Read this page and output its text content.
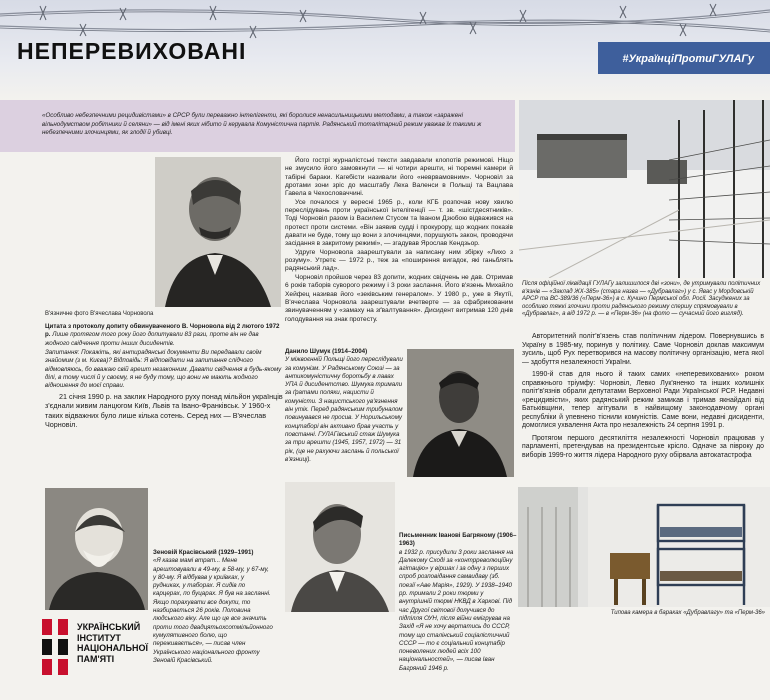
НЕПЕРЕВИХОВАНІ	#УкраїнціПротиГУЛАГу

«Особливо небезпечними рецидивістами» в СРСР були переважно інтелігенти, які боролися ненасильницькими методами, а також «заражені вільнодумством робітники й селяни» — від імені яких нібито й керувала Комуністична партія. Радянський тоталітарний режим уважав їх такими ж небезпечними злочинцями, як злодії й убивці.

В'язничне фото В'ячеслава Чорновола
Цитата з протоколу допиту обвинуваченого В. Чорновола від 2 лютого 1972 р. Лише протягом того року його допитували 83 рази, проте він не дав жодного свідчення проти інших дисидентів.
Запитання: Покажіть, які антирадянські документи Ви передавали своїм знайомим (з м. Києва)? Відповідь: Я відповідати на запитання слідчого відмовляюсь, бо вважаю свій арешт незаконним. Давати свідчення в будь-якому ділі, в тому числі й у своєму, я не буду тому, що вони не мають жодного відношення до моєї справи.
21 січня 1990 р. на заклик Народного руху понад мільйон українців з'єднали живим ланцюгом Київ, Львів та Івано-Франківськ. У 1960-х таких відважних було лише кілька сотень. Серед них — В'ячеслав Чорновіл.
Його гострі журналістські тексти завдавали клопотів режимові. Ніщо не змусило його замовкнути — ні чотири арешти, ні тюремні камери й табірні бараки. Кагебісти називали його «неврвамовним». Чорновіл за дротами зони зріс до масштабу Леха Валенси в Польщі та Вацлава Гавела в Чехословаччині.
Усе почалося у вересні 1965 р., коли КГБ розпочав нову хвилю переслідувань проти української інтелігенції — т. зв. «шістдесятників». Тоді Чорновіл разом із Василем Стусом та Іваном Дзюбою відважився на протест проти системи. «Він заявив судді і прокурору, що жодних показів давати не буде, тому що вони з злочинцями, порушують закон, проводячи засідання в закритому режимі», — згадував Ярослав Кендзьор.
Удруге Чорновола заарештували за написану ним збірку «Лихо з розуму». Утретє — 1972 р., теж за «поширення вигадок, які ганьблять радянський лад».
Чорновіл пройшов через 83 допити, жодних свідчень не дав. Отримав 6 років таборів суворого режиму і 3 роки заслання. Його в'язень Михайло Хейфец називав його «зеківським генералом». У 1980 р., уже в Якутії, В'ячеслава Чорновола заарештували вчетверте — за сфабрикованим звинуваченням у «замаху на зґвалтування». Дисидент витримав 120 днів голодування на знак протесту.
Данило Шумук (1914–2004)
У міжвоєнній Польщі його переслідували за комунізм. У Радянському Союзі — за антикомуністичну боротьбу в лавах УПА й дисидентство. Шумука тримали за ґратами поляки, нацисти й комуністи. З нацистського ув'язнення він утік. Перед радянським трибуналом повинувався не просив. У Норильському концтаборі він активно брав участь у повстанні. ГУЛАГівський стаж Шумука за три арешти (1945, 1957, 1972) — 31 рік, (це не рахуючи заслань й польської в'язниці).
Зеновій Красівський (1929–1991)
«Я казав мамі втрат... Мене арештовували в 49-му, в 58-му, у 67-му, у 80-му. Я відбував у криївках, у рудниках, у таборах. Я сидів по карцерах, по буцарах. Я був на засланні. Якщо порахувати все докупи, то назбирається 26 років. Половина людського віку. Але що це все значить проти того двадцятьохсотмільйонного кумулятивного болю, що переживається», — писав член Українського національного фронту Зеновій Красівський.
Письменник Іванові Багряному (1906–1963)
в 1932 р. присудили 3 роки заслання на Далекому Сході за «контрреволюційну агітацію» у віршах і за одну з перших спроб розповідання самвидаву (зб. поезії «Аве Марія», 1929). У 1938–1940 рр. тримали 2 роки тюрми у внутрішній тюрмі НКВД в Харкові. Під час Другої світової долучився до підпілля ОУН, після війни емігрував на Захід «Я не хочу вертатись до СССР, тому що сталінський соціалістичний СССР — то є соціальний концтабір поневолених людей всіх 100 національностей», — писав Іван Багряний 1946 р.
Після офіційної ліквідації ГУЛАГу залишилося дві «зони», де утримували політичних в'язнів — «Заклад ЖХ-385» (стара назва — «Дубравлаг») у с. Явас у Мордовській АРСР та ВС-389/36 («Перм-36») в с. Кучино Пермської обл. Росії. Засуджених за особливо тяжкі злочини проти радянського режиму спершу спрямовували в «Дубравлаг», а від 1972 р. — в «Перм-36» (на фото — сучасний його вигляд).
Авторитетний політ'в'язень став політичним лідером. Повернувшись в Україну в 1985-му, поринув у політику. Саме Чорновіл доклав максимум зусиль, щоб Рух перетворився на масову політичну організацію, мета якої — здобуття незалежності України.
1990-й став для нього й таких самих «неперевихованих» роком справжнього тріумфу: Чорновіл, Левко Лук'яненко та інших колишніх політ'в'язнів обрали депутатами Верховної Ради Української РСР. Недавні «рецидивісти», яких радянський режим замикав і тримав якнайдалі від Батьківщини, тепер агітували в найвищому законодавчому органі республіки й упевнено тіснили комуністів. Саме вони, недавні дисиденти, домоглися ухвалення Акта про незалежність 24 серпня 1991 р.
Протягом першого десятиліття незалежності Чорновіл працював у парламенті, претендував на президентське крісло. Одначе за півроку до виборів 1999-го життя лідера Народного руху обірвала автокатастрофа
Типова камера в бараках «Дубравлагу» та «Перм-36»
УКРАЇНСЬКИЙ
ІНСТИТУТ
НАЦІОНАЛЬНОЇ
ПАМ'ЯТІ
